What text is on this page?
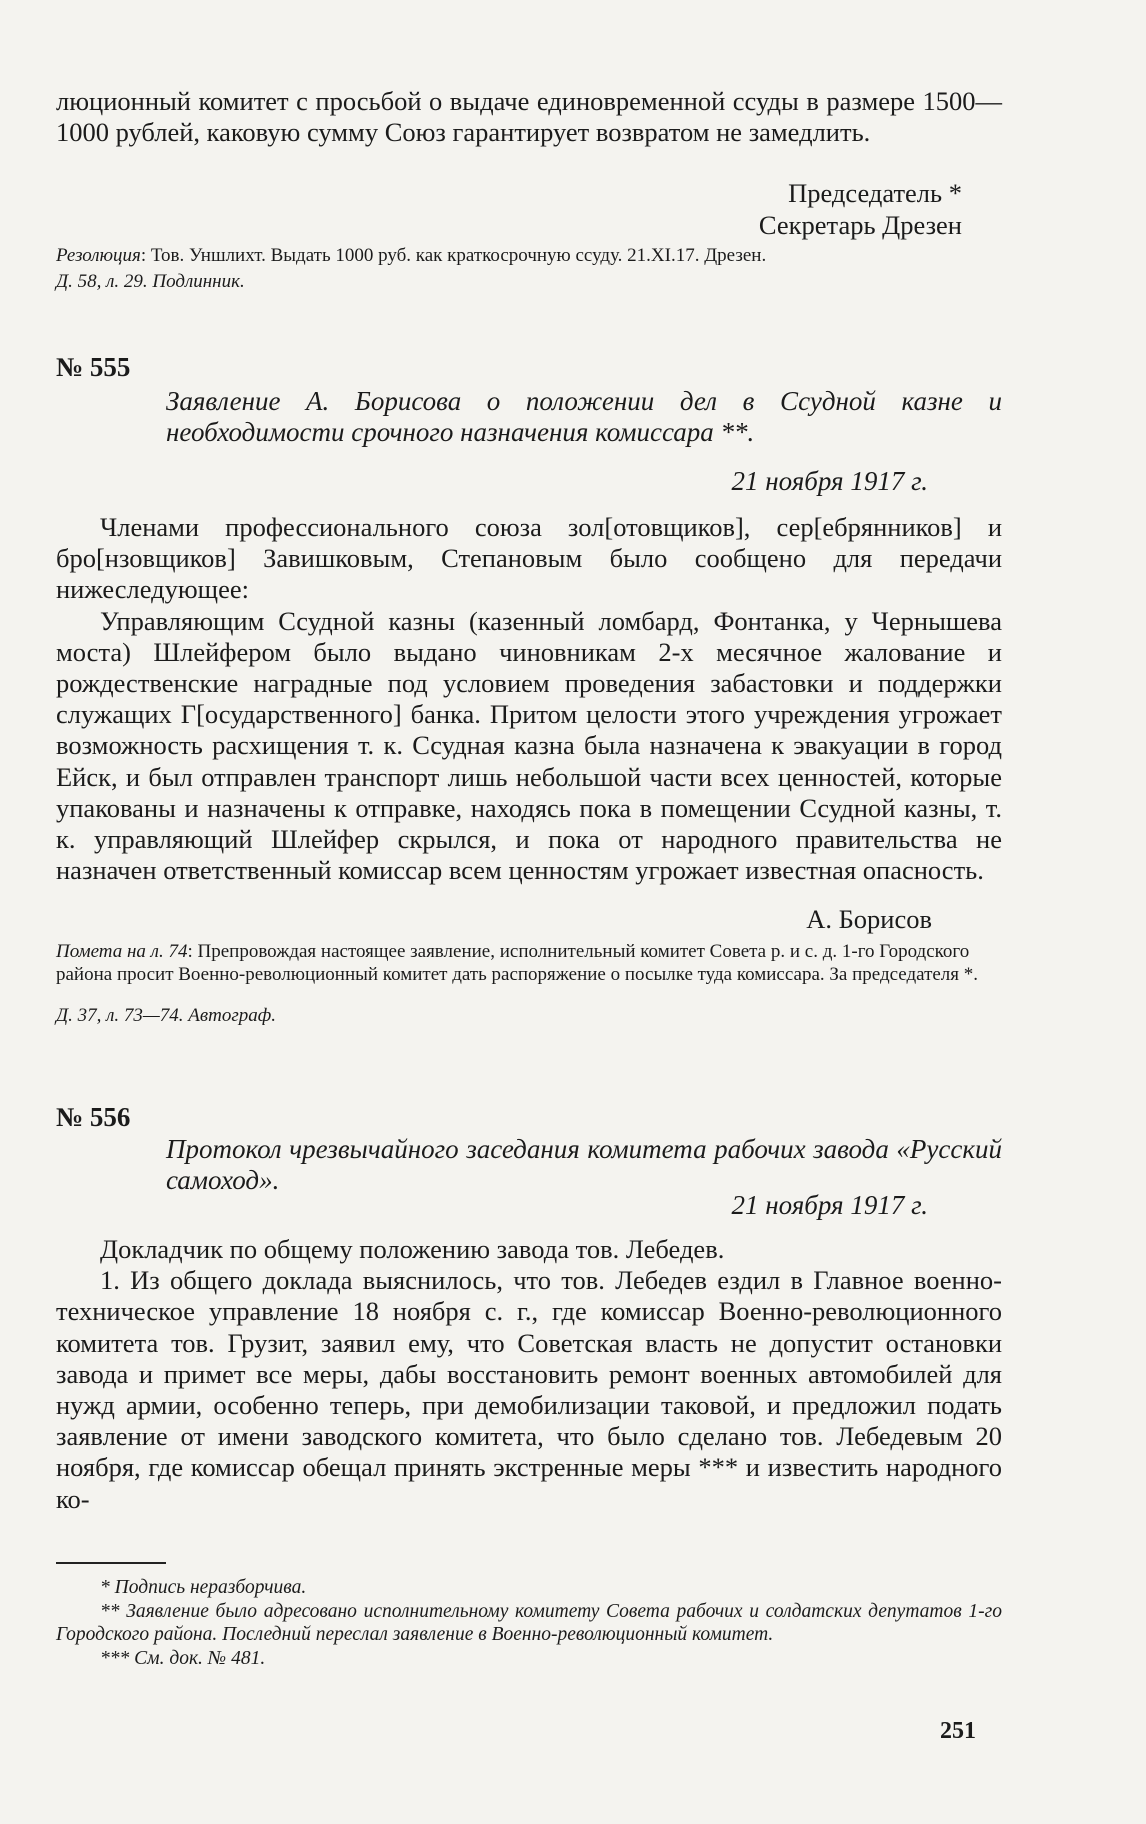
люционный комитет с просьбой о выдаче единовременной ссуды в размере 1500—1000 рублей, каковую сумму Союз гарантирует возвратом не замедлить.

Председатель *
Секретарь Дрезен
Резолюция: Тов. Уншлихт. Выдать 1000 руб. как краткосрочную ссуду. 21.XI.17. Дрезен.
Д. 58, л. 29. Подлинник.
№ 555
Заявление А. Борисова о положении дел в Ссудной казне и необходимости срочного назначения комиссара **.
21 ноября 1917 г.

Членами профессионального союза зол[отовщиков], сер[ебрянников] и бро[нзовщиков] Завишковым, Степановым было сообщено для передачи нижеследующее:

Управляющим Ссудной казны (казенный ломбард, Фонтанка, у Чернышева моста) Шлейфером было выдано чиновникам 2-х месячное жалование и рождественские наградные под условием проведения забастовки и поддержки служащих Г[осударственного] банка. Притом целости этого учреждения угрожает возможность расхищения т. к. Ссудная казна была назначена к эвакуации в город Ейск, и был отправлен транспорт лишь небольшой части всех ценностей, которые упакованы и назначены к отправке, находясь пока в помещении Ссудной казны, т. к. управляющий Шлейфер скрылся, и пока от народного правительства не назначен ответственный комиссар всем ценностям угрожает известная опасность.

А. Борисов
Помета на л. 74: Препровождая настоящее заявление, исполнительный комитет Совета р. и с. д. 1-го Городского района просит Военно-революционный комитет дать распоряжение о посылке туда комиссара. За председателя *.
Д. 37, л. 73—74. Автограф.
№ 556
Протокол чрезвычайного заседания комитета рабочих завода «Русский самоход».
21 ноября 1917 г.

Докладчик по общему положению завода тов. Лебедев.

1. Из общего доклада выяснилось, что тов. Лебедев ездил в Главное военно-техническое управление 18 ноября с. г., где комиссар Военно-революционного комитета тов. Грузит, заявил ему, что Советская власть не допустит остановки завода и примет все меры, дабы восстановить ремонт военных автомобилей для нужд армии, особенно теперь, при демобилизации таковой, и предложил подать заявление от имени заводского комитета, что было сделано тов. Лебедевым 20 ноября, где комиссар обещал принять экстренные меры *** и известить народного ко-

* Подпись неразборчива.
** Заявление было адресовано исполнительному комитету Совета рабочих и солдатских депутатов 1-го Городского района. Последний переслал заявление в Военно-революционный комитет.
*** См. док. № 481.
251
